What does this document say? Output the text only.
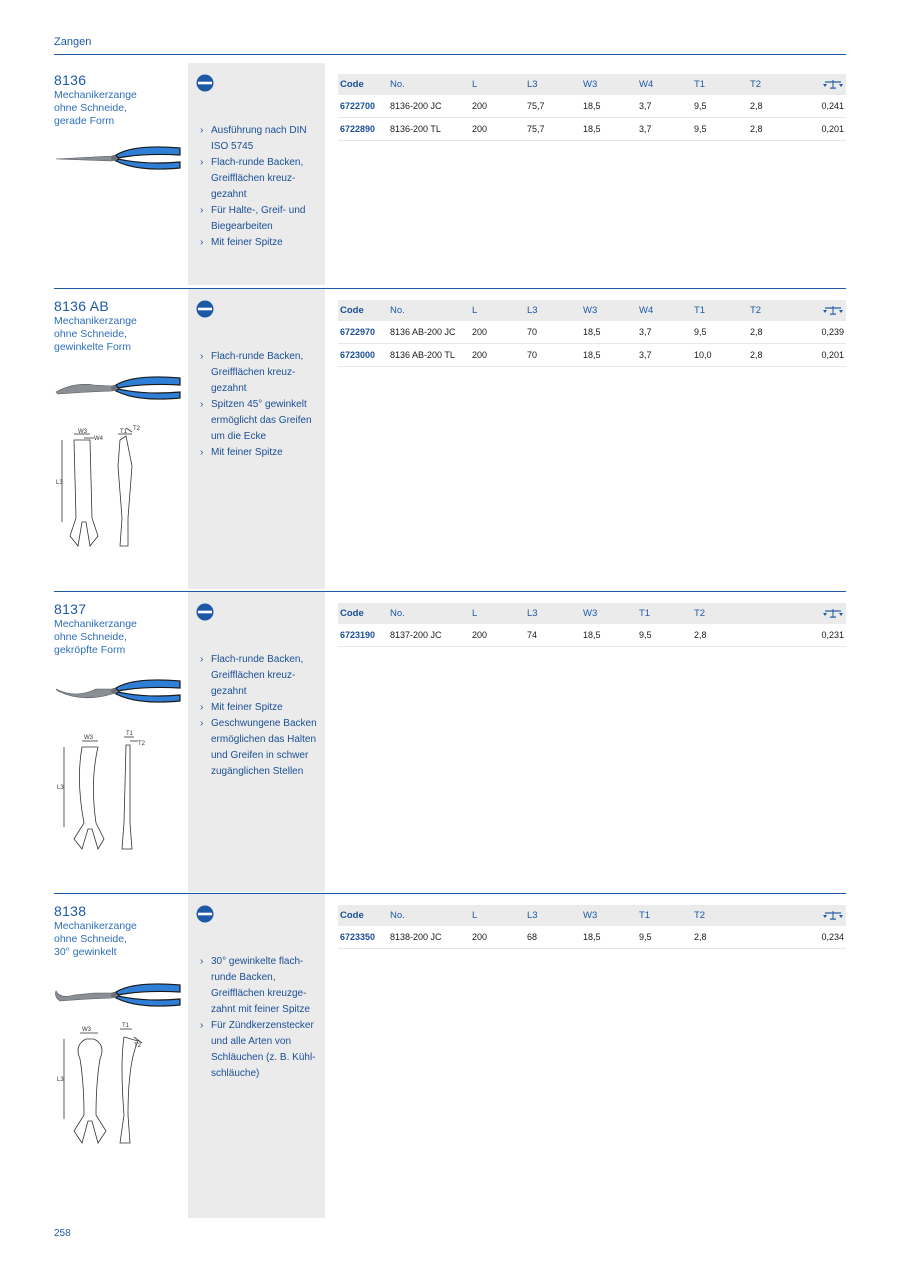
Zangen
8136
Mechanikerzange
ohne Schneide,
gerade Form
› Ausführung nach DIN ISO 5745
› Flach-runde Backen, Greifflächen kreuz-gezahnt
› Für Halte-, Greif- und Biegearbeiten
› Mit feiner Spitze
Code	No.	L	L3	W3	W4	T1	T2	
6722700	8136-200 JC	200	75,7	18,5	3,7	9,5	2,8	0,241
6722890	8136-200 TL	200	75,7	18,5	3,7	9,5	2,8	0,201
8136 AB
Mechanikerzange
ohne Schneide,
gewinkelte Form
W3
W4
T1 T2
L3
› Flach-runde Backen, Greifflächen kreuz-gezahnt
› Spitzen 45° gewinkelt ermöglicht das Greifen um die Ecke
› Mit feiner Spitze
Code	No.	L	L3	W3	W4	T1	T2	
6722970	8136 AB-200 JC	200	70	18,5	3,7	9,5	2,8	0,239
6723000	8136 AB-200 TL	200	70	18,5	3,7	10,0	2,8	0,201
8137
Mechanikerzange
ohne Schneide,
gekröpfte Form
W3
T1
T2
L3
› Flach-runde Backen, Greifflächen kreuz-gezahnt
› Mit feiner Spitze
› Geschwungene Backen ermöglichen das Halten und Greifen in schwer zugänglichen Stellen
Code	No.	L	L3	W3	T1	T2	
6723190	8137-200 JC	200	74	18,5	9,5	2,8	0,231
8138
Mechanikerzange
ohne Schneide,
30° gewinkelt
W3
T1
T2
L3
› 30° gewinkelte flach-runde Backen, Greifflächen kreuzge-zahnt mit feiner Spitze
› Für Zündkerzenstecker und alle Arten von Schläuchen (z. B. Kühl-schläuche)
Code	No.	L	L3	W3	T1	T2	
6723350	8138-200 JC	200	68	18,5	9,5	2,8	0,234
258
